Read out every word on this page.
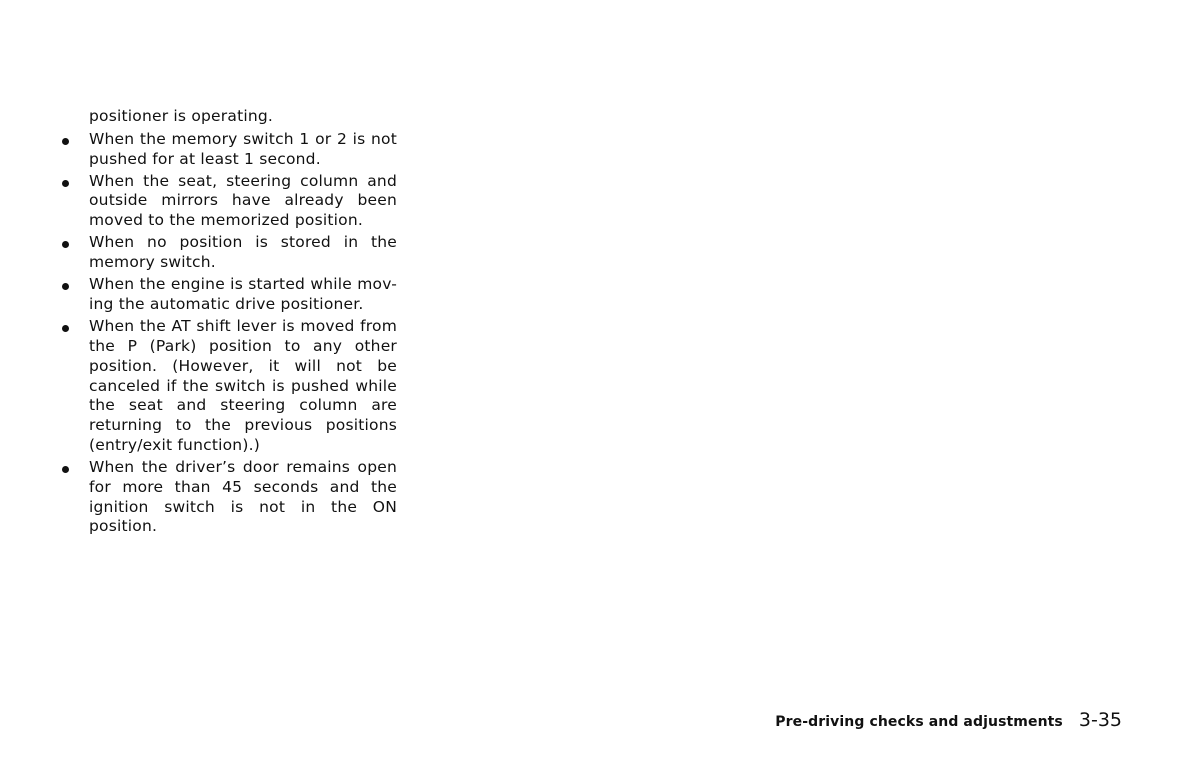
positioner is operating.
When the memory switch 1 or 2 is not pushed for at least 1 second.
When the seat, steering column and outside mirrors have already been moved to the memorized position.
When no position is stored in the memory switch.
When the engine is started while mov-ing the automatic drive positioner.
When the AT shift lever is moved from the P (Park) position to any other position. (However, it will not be canceled if the switch is pushed while the seat and steering column are returning to the previous positions (entry/exit function).)
When the driver’s door remains open for more than 45 seconds and the ignition switch is not in the ON position.
Pre-driving checks and adjustments 3-35
